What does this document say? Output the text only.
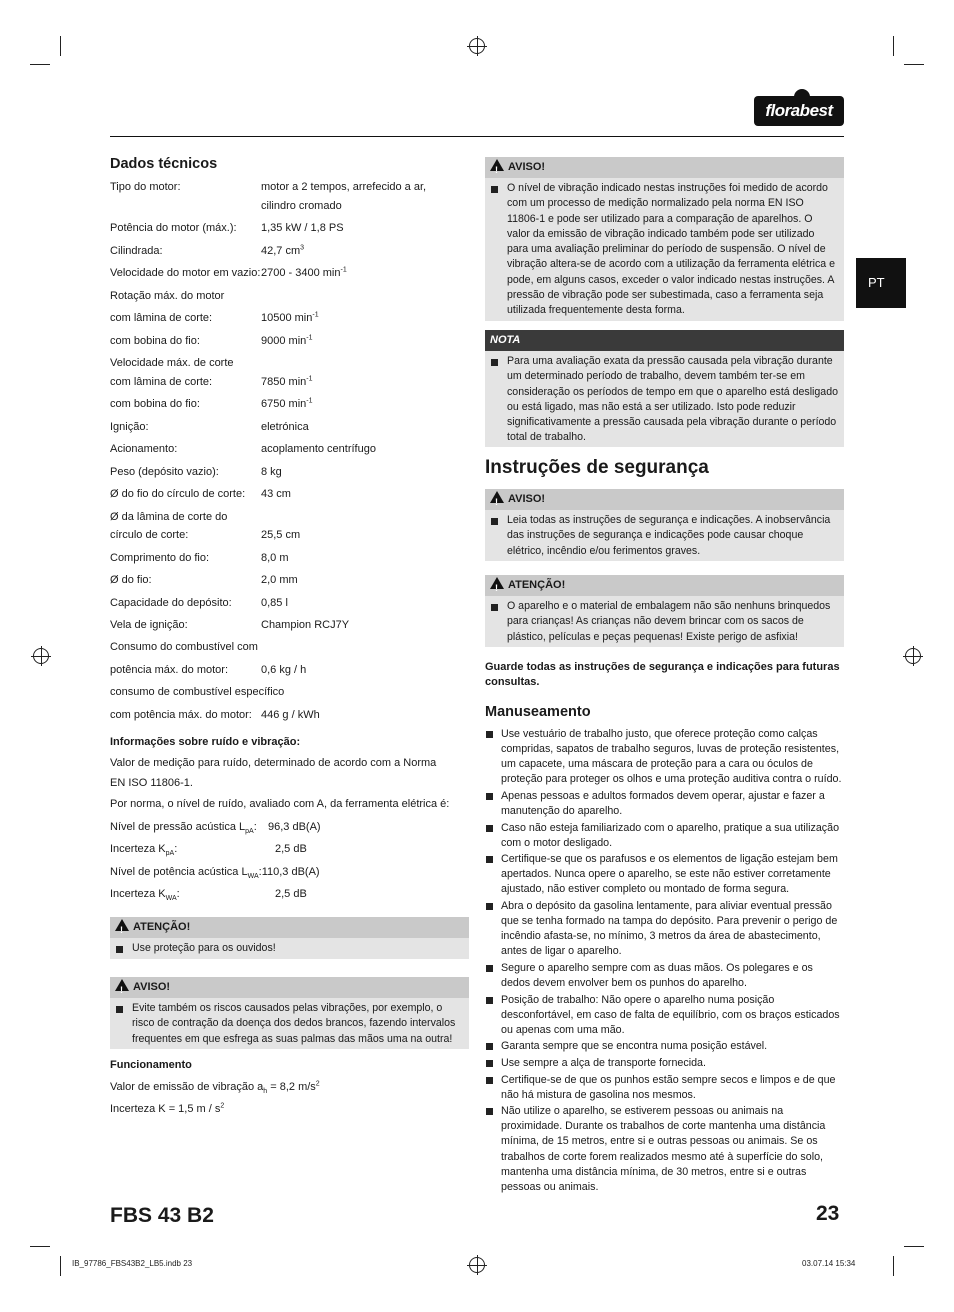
florabest
PT
Dados técnicos
Tipo do motor:	motor a 2 tempos, arrefecido a ar,
cilindro cromado
Potência do motor (máx.): 1,35 kW / 1,8 PS
Cilindrada:	42,7 $cm^3$
Velocidade do motor em vazio: 2700 - 3400 $\min^{-1}$
Rotação máx. do motor
com lâmina de corte:	10500 $\min^{-1}$
com bobina do fio:	9000 $\min^{-1}$
Velocidade máx. de corte
com lâmina de corte:	7850 $\min^{-1}$
com bobina do fio:	6750 $\min^{-1}$
Ignição:	eletrónica
Acionamento:	acoplamento centrífugo
Peso (depósito vazio):	8 kg
Ø do fio do círculo de corte: 43 cm
Ø da lâmina de corte do
círculo de corte:	25,5 cm
Comprimento do fio:	8,0 m
Ø do fio:	2,0 mm
Capacidade do depósito:	0,85 l
Vela de ignição:	Champion RCJ7Y
Consumo do combustível com
potência máx. do motor:	0,6 kg / h
consumo de combustível específico
com potência máx. do motor: 446 g / kWh
Informações sobre ruído e vibração:
Valor de medição para ruído, determinado de acordo com a Norma
EN ISO 11806-1.
Por norma, o nível de ruído, avaliado com A, da ferramenta elétrica é:
Nível de pressão acústica $L_{pA}$: 96,3 dB(A)
Incerteza $K_{pA}$:	2,5 dB
Nível de potência acústica $L_{WA}:110,3$ dB(A)
Incerteza $K_{WA}$:	2,5 dB
!ATENÇÃO!
Use proteção para os ouvidos!
!AVISO!
Evite também os riscos causados pelas vibrações, por exemplo, o risco de contração da doença dos dedos brancos, fazendo intervalos frequentes em que esfrega as suas palmas das mãos uma na outra!
Funcionamento
Valor de emissão de vibração $a_h = 8,2$ $m/s^2$
Incerteza K = 1,5 m / $s^2$
!AVISO!
O nível de vibração indicado nestas instruções foi medido de acordo com um processo de medição normalizado pela norma EN ISO 11806-1 e pode ser utilizado para a comparação de aparelhos. O valor da emissão de vibração indicado também pode ser utilizado para uma avaliação preliminar do período de suspensão. O nível de vibração altera-se de acordo com a utilização da ferramenta elétrica e pode, em alguns casos, exceder o valor indicado nestas instruções. A pressão de vibração pode ser subestimada, caso a ferramenta seja utilizada frequentemente desta forma.
NOTA
Para uma avaliação exata da pressão causada pela vibração durante um determinado período de trabalho, devem também ter-se em consideração os períodos de tempo em que o aparelho está desligado ou está ligado, mas não está a ser utilizado. Isto pode reduzir significativamente a pressão causada pela vibração durante o período total de trabalho.
Instruções de segurança
!AVISO!
Leia todas as instruções de segurança e indicações. A inobservância das instruções de segurança e indicações pode causar choque elétrico, incêndio e/ou ferimentos graves.
!ATENÇÃO!
O aparelho e o material de embalagem não são nenhuns brinquedos para crianças! As crianças não devem brincar com os sacos de plástico, películas e peças pequenas! Existe perigo de asfixia!
Guarde todas as instruções de segurança e indicações para futuras consultas.
Manuseamento
Use vestuário de trabalho justo, que oferece proteção como calças compridas, sapatos de trabalho seguros, luvas de proteção resistentes, um capacete, uma máscara de proteção para a cara ou óculos de proteção para proteger os olhos e uma proteção auditiva contra o ruído.
Apenas pessoas e adultos formados devem operar, ajustar e fazer a manutenção do aparelho.
Caso não esteja familiarizado com o aparelho, pratique a sua utilização com o motor desligado.
Certifique-se que os parafusos e os elementos de ligação estejam bem apertados. Nunca opere o aparelho, se este não estiver corretamente ajustado, não estiver completo ou montado de forma segura.
Abra o depósito da gasolina lentamente, para aliviar eventual pressão que se tenha formado na tampa do depósito. Para prevenir o perigo de incêndio afasta-se, no mínimo, 3 metros da área de abastecimento, antes de ligar o aparelho.
Segure o aparelho sempre com as duas mãos. Os polegares e os dedos devem envolver bem os punhos do aparelho.
Posição de trabalho: Não opere o aparelho numa posição desconfortável, em caso de falta de equilíbrio, com os braços esticados ou apenas com uma mão.
Garanta sempre que se encontra numa posição estável.
Use sempre a alça de transporte fornecida.
Certifique-se de que os punhos estão sempre secos e limpos e de que não há mistura de gasolina nos mesmos.
Não utilize o aparelho, se estiverem pessoas ou animais na proximidade. Durante os trabalhos de corte mantenha uma distância mínima, de 15 metros, entre si e outras pessoas ou animais. Se os trabalhos de corte forem realizados mesmo até à superfície do solo, mantenha uma distância mínima, de 30 metros, entre si e outras pessoas ou animais.
FBS 43 B2	23
IB_97786_FBS43B2_LB5.indb 23	03.07.14 15:34
